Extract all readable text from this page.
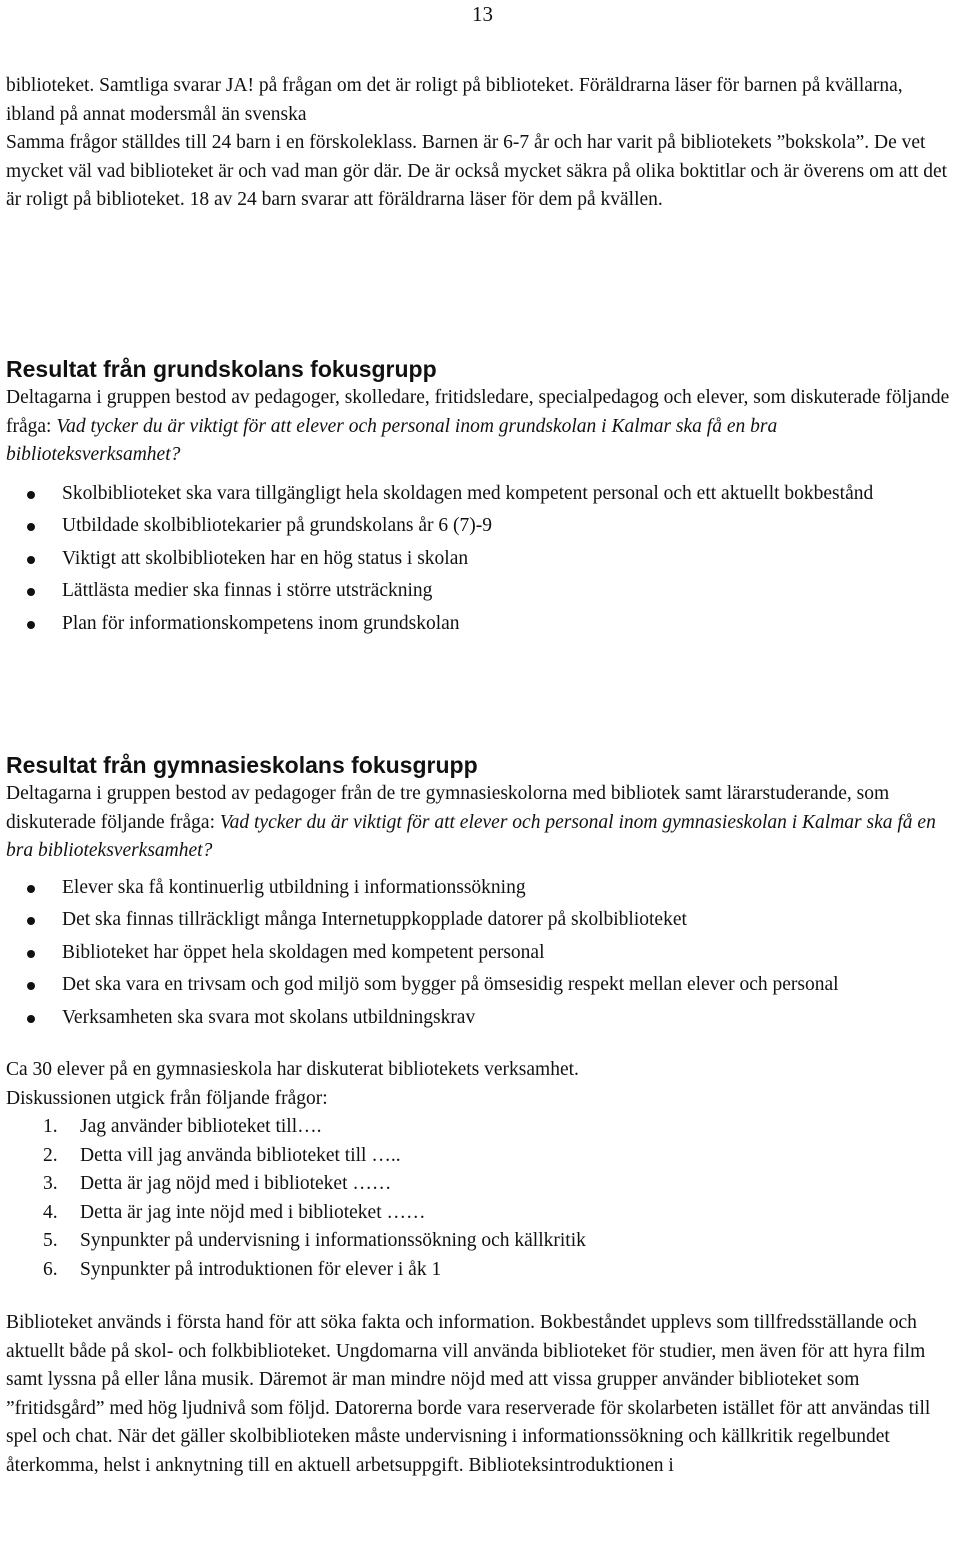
13

biblioteket. Samtliga svarar JA! på frågan om det är roligt på biblioteket. Föräldrarna läser för barnen på kvällarna, ibland på annat modersmål än svenska

Samma frågor ställdes till 24 barn i en förskoleklass. Barnen är 6-7 år och har varit på bibliotekets ”bokskola”. De vet mycket väl vad biblioteket är och vad man gör där. De är också mycket säkra på olika boktitlar och är överens om att det är roligt på biblioteket. 18 av 24 barn svarar att föräldrarna läser för dem på kvällen.

Resultat från grundskolans fokusgrupp

Deltagarna i gruppen bestod av pedagoger, skolledare, fritidsledare, specialpedagog och elever, som diskuterade följande fråga: Vad tycker du är viktigt för att elever och personal inom grundskolan i Kalmar ska få en bra biblioteksverksamhet?

Skolbiblioteket ska vara tillgängligt hela skoldagen med kompetent personal och ett aktuellt bokbestånd
Utbildade skolbibliotekarier på grundskolans år 6 (7)-9
Viktigt att skolbiblioteken har en hög status i skolan
Lättlästa medier ska finnas i större utsträckning
Plan för informationskompetens inom grundskolan
Resultat från gymnasieskolans fokusgrupp

Deltagarna i gruppen bestod av pedagoger från de tre gymnasieskolorna med bibliotek samt lärarstuderande, som diskuterade följande fråga: Vad tycker du är viktigt för att elever och personal inom gymnasieskolan i Kalmar ska få en bra biblioteksverksamhet?

Elever ska få kontinuerlig utbildning i informationssökning
Det ska finnas tillräckligt många Internetuppkopplade datorer på skolbiblioteket
Biblioteket har öppet hela skoldagen med kompetent personal
Det ska vara en trivsam och god miljö som bygger på ömsesidig respekt mellan elever och personal
Verksamheten ska svara mot skolans utbildningskrav

Ca 30 elever på en gymnasieskola har diskuterat bibliotekets verksamhet.

Diskussionen utgick från följande frågor:

1. Jag använder biblioteket till….
2. Detta vill jag använda biblioteket till …..
3. Detta är jag nöjd med i biblioteket ……
4. Detta är jag inte nöjd med i biblioteket ……
5. Synpunkter på undervisning i informationssökning och källkritik
6. Synpunkter på introduktionen för elever i åk 1

Biblioteket används i första hand för att söka fakta och information. Bokbeståndet upplevs som tillfredsställande och aktuellt både på skol- och folkbiblioteket. Ungdomarna vill använda biblioteket för studier, men även för att hyra film samt lyssna på eller låna musik. Däremot är man mindre nöjd med att vissa grupper använder biblioteket som ”fritidsgård” med hög ljudnivå som följd. Datorerna borde vara reserverade för skolarbeten istället för att användas till spel och chat. När det gäller skolbiblioteken måste undervisning i informationssökning och källkritik regelbundet återkomma, helst i anknytning till en aktuell arbetsuppgift. Biblioteksintroduktionen i
